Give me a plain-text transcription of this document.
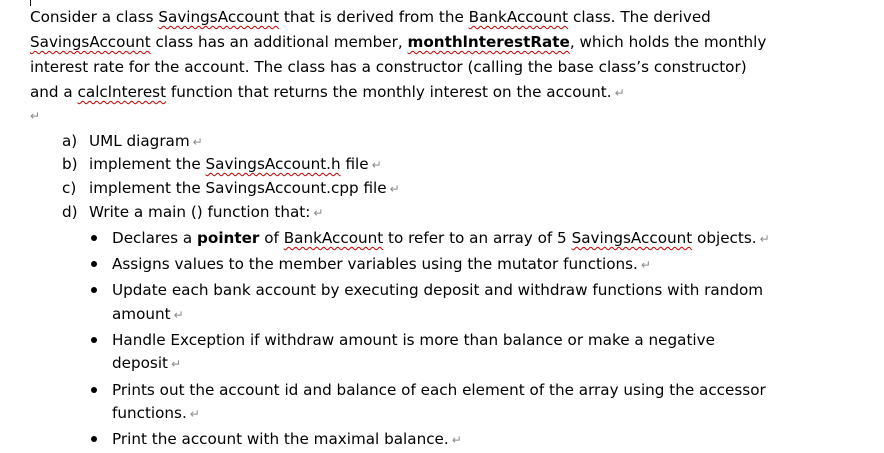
Consider a class SavingsAccount that is derived from the BankAccount class. The derived
SavingsAccount class has an additional member, monthlnterestRate, which holds the monthly
interest rate for the account. The class has a constructor (calling the base class’s constructor)
and a calclnterest function that returns the monthly interest on the account. ↵
↵
a) UML diagram ↵
b) implement the SavingsAccount.h file ↵
c) implement the SavingsAccount.cpp file ↵
d) Write a main () function that: ↵
Declares a pointer of BankAccount to refer to an array of 5 SavingsAccount objects. ↵
Assigns values to the member variables using the mutator functions. ↵
Update each bank account by executing deposit and withdraw functions with random
amount ↵
Handle Exception if withdraw amount is more than balance or make a negative
deposit ↵
Prints out the account id and balance of each element of the array using the accessor
functions. ↵
Print the account with the maximal balance. ↵
